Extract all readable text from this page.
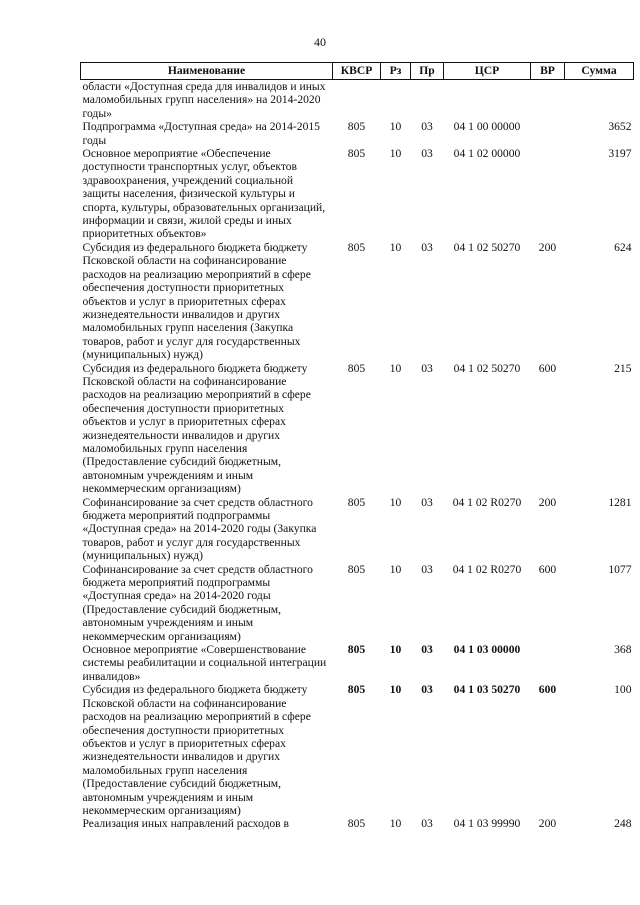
40
Наименование	КВСР	Рз	Пр	ЦСР	ВР	Сумма
области «Доступная среда для инвалидов и иных маломобильных групп населения» на 2014-2020 годы»						
Подпрограмма «Доступная среда» на 2014-2015 годы	805	10	03	04 1 00 00000		3652
Основное мероприятие «Обеспечение доступности транспортных услуг, объектов здравоохранения, учреждений социальной защиты населения, физической культуры и спорта, культуры, образовательных организаций, информации и связи, жилой среды и иных приоритетных объектов»	805	10	03	04 1 02 00000		3197
Субсидия из федерального бюджета бюджету Псковской области на софинансирование расходов на реализацию мероприятий в сфере обеспечения доступности приоритетных объектов и услуг в приоритетных сферах жизнедеятельности инвалидов и других маломобильных групп населения (Закупка товаров, работ и услуг для государственных (муниципальных) нужд)	805	10	03	04 1 02 50270	200	624
Субсидия из федерального бюджета бюджету Псковской области на софинансирование расходов на реализацию мероприятий в сфере обеспечения доступности приоритетных объектов и услуг в приоритетных сферах жизнедеятельности инвалидов и других маломобильных групп населения (Предоставление субсидий бюджетным, автономным учреждениям и иным некоммерческим организациям)	805	10	03	04 1 02 50270	600	215
Софинансирование за счет средств областного бюджета мероприятий подпрограммы «Доступная среда» на 2014-2020 годы (Закупка товаров, работ и услуг для государственных (муниципальных) нужд)	805	10	03	04 1 02 R0270	200	1281
Софинансирование за счет средств областного бюджета мероприятий подпрограммы «Доступная среда» на 2014-2020 годы (Предоставление субсидий бюджетным, автономным учреждениям и иным некоммерческим организациям)	805	10	03	04 1 02 R0270	600	1077
Основное мероприятие «Совершенствование системы реабилитации и социальной интеграции инвалидов»	805	10	03	04 1 03 00000		368
Субсидия из федерального бюджета бюджету Псковской области на софинансирование расходов на реализацию мероприятий в сфере обеспечения доступности приоритетных объектов и услуг в приоритетных сферах жизнедеятельности инвалидов и других маломобильных групп населения (Предоставление субсидий бюджетным, автономным учреждениям и иным некоммерческим организациям)	805	10	03	04 1 03 50270	600	100
Реализация иных направлений расходов в	805	10	03	04 1 03 99990	200	248
